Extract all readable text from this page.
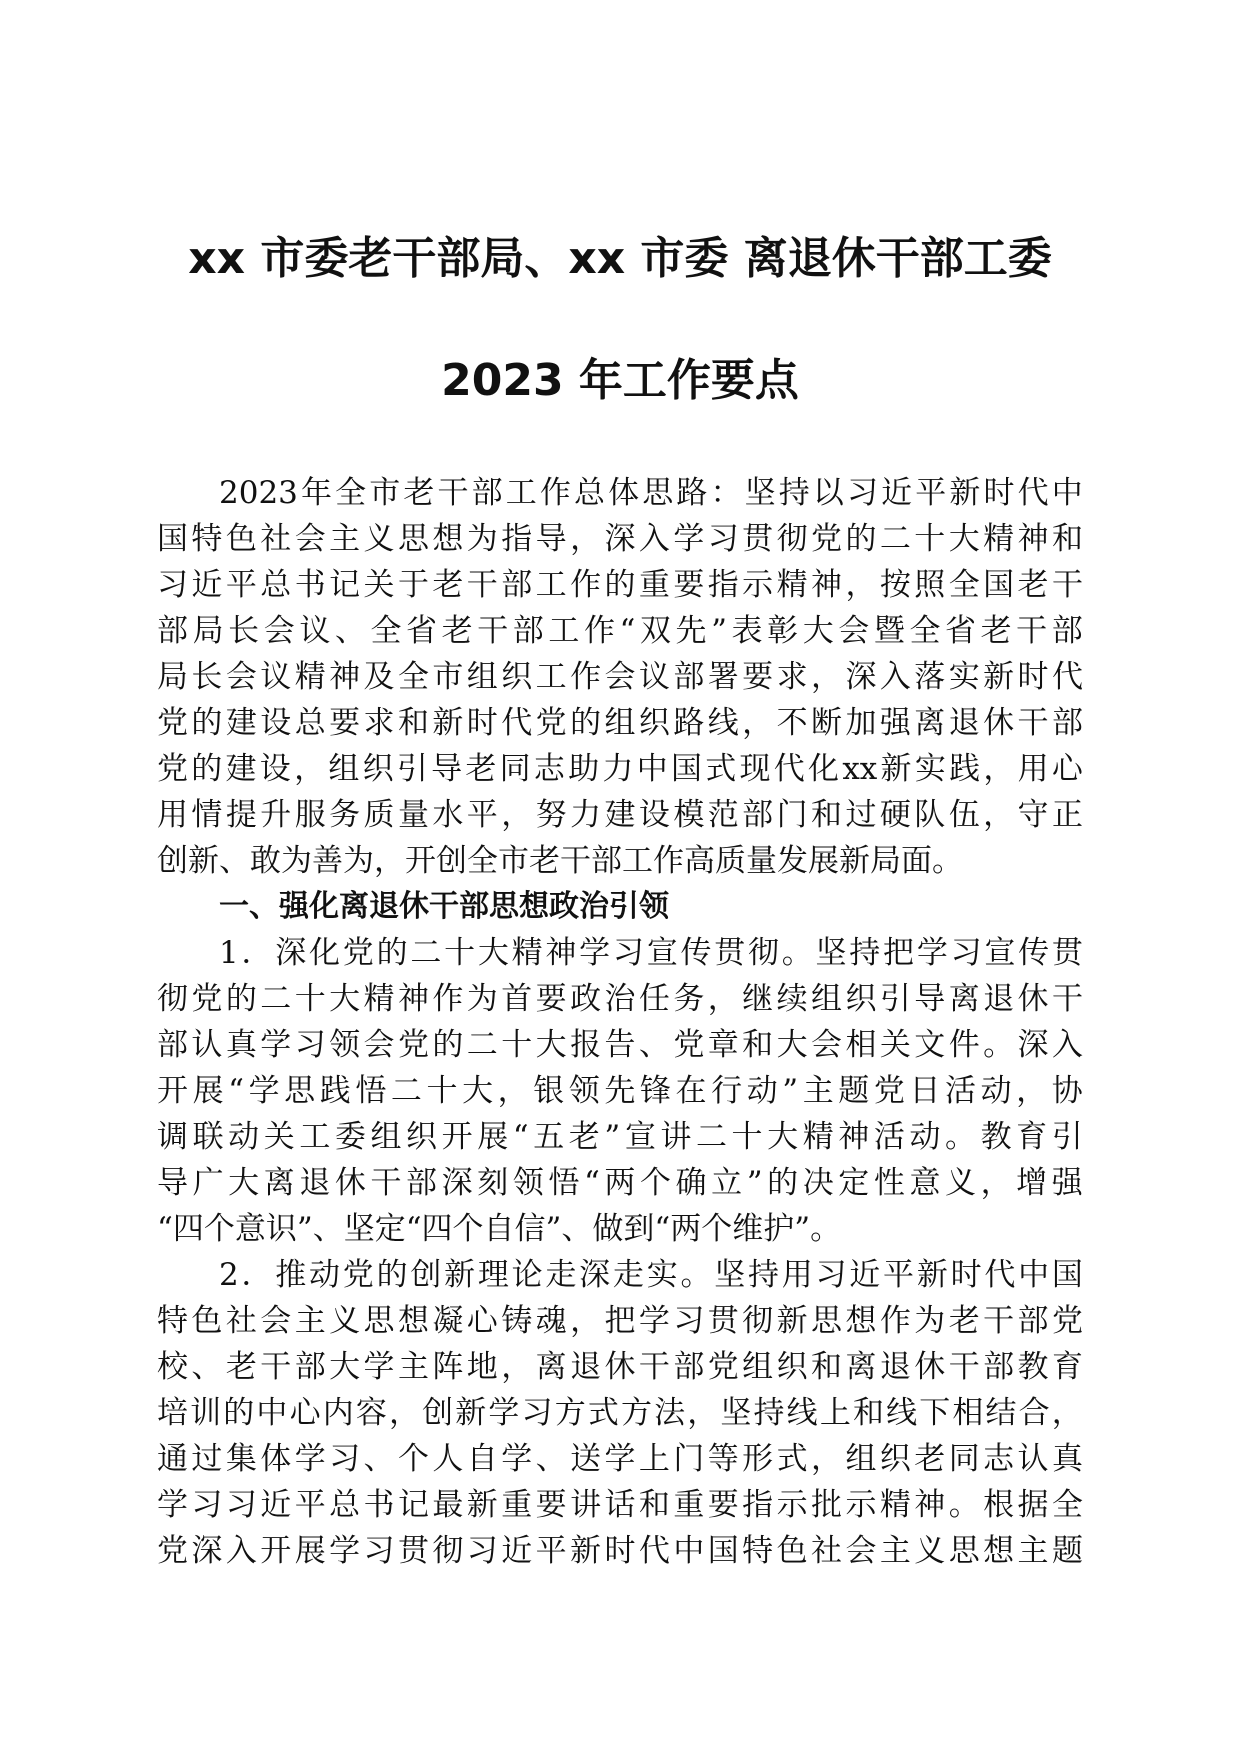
xx 市委老干部局、xx 市委 离退休干部工委
2023 年工作要点
2023 年 全 市 老 干 部 工 作 总 体 思 路 ： 坚 持 以 习 近 平 新 时 代 中
国 特 色 社 会 主 义 思 想 为 指 导 ， 深 入 学 习 贯 彻 党 的 二 十 大 精 神 和
习 近 平 总 书 记 关 于 老 干 部 工 作 的 重 要 指 示 精 神 ， 按 照 全 国 老 干
部 局 长 会 议 、 全 省 老 干 部 工 作 “ 双 先 ” 表 彰 大 会 暨 全 省 老 干 部
局 长 会 议 精 神 及 全 市 组 织 工 作 会 议 部 署 要 求 ， 深 入 落 实 新 时 代
党 的 建 设 总 要 求 和 新 时 代 党 的 组 织 路 线 ， 不 断 加 强 离 退 休 干 部
党 的 建 设 ， 组 织 引 导 老 同 志 助 力 中 国 式 现 代 化 xx 新 实 践 ， 用 心
用 情 提 升 服 务 质 量 水 平 ， 努 力 建 设 模 范 部 门 和 过 硬 队 伍 ， 守 正
创新、敢为善为，开创全市老干部工作高质量发展新局面。
一、强化离退休干部思想政治引领
1 ． 深 化 党 的 二 十 大 精 神 学 习 宣 传 贯 彻 。 坚 持 把 学 习 宣 传 贯
彻 党 的 二 十 大 精 神 作 为 首 要 政 治 任 务 ， 继 续 组 织 引 导 离 退 休 干
部 认 真 学 习 领 会 党 的 二 十 大 报 告 、 党 章 和 大 会 相 关 文 件 。 深 入
开 展 “ 学 思 践 悟 二 十 大 ， 银 领 先 锋 在 行 动 ” 主 题 党 日 活 动 ， 协
调 联 动 关 工 委 组 织 开 展 “ 五 老 ” 宣 讲 二 十 大 精 神 活 动 。 教 育 引
导 广 大 离 退 休 干 部 深 刻 领 悟 “ 两 个 确 立 ” 的 决 定 性 意 义 ， 增 强
“四个意识”、坚定“四个自信”、做到“两个维护”。
2 ． 推 动 党 的 创 新 理 论 走 深 走 实 。 坚 持 用 习 近 平 新 时 代 中 国
特 色 社 会 主 义 思 想 凝 心 铸 魂 ， 把 学 习 贯 彻 新 思 想 作 为 老 干 部 党
校 、 老 干 部 大 学 主 阵 地 ， 离 退 休 干 部 党 组 织 和 离 退 休 干 部 教 育
培 训 的 中 心 内 容 ， 创 新 学 习 方 式 方 法 ， 坚 持 线 上 和 线 下 相 结 合 ，
通 过 集 体 学 习 、 个 人 自 学 、 送 学 上 门 等 形 式 ， 组 织 老 同 志 认 真
学 习 习 近 平 总 书 记 最 新 重 要 讲 话 和 重 要 指 示 批 示 精 神 。 根 据 全
党 深 入 开 展 学 习 贯 彻 习 近 平 新 时 代 中 国 特 色 社 会 主 义 思 想 主 题
